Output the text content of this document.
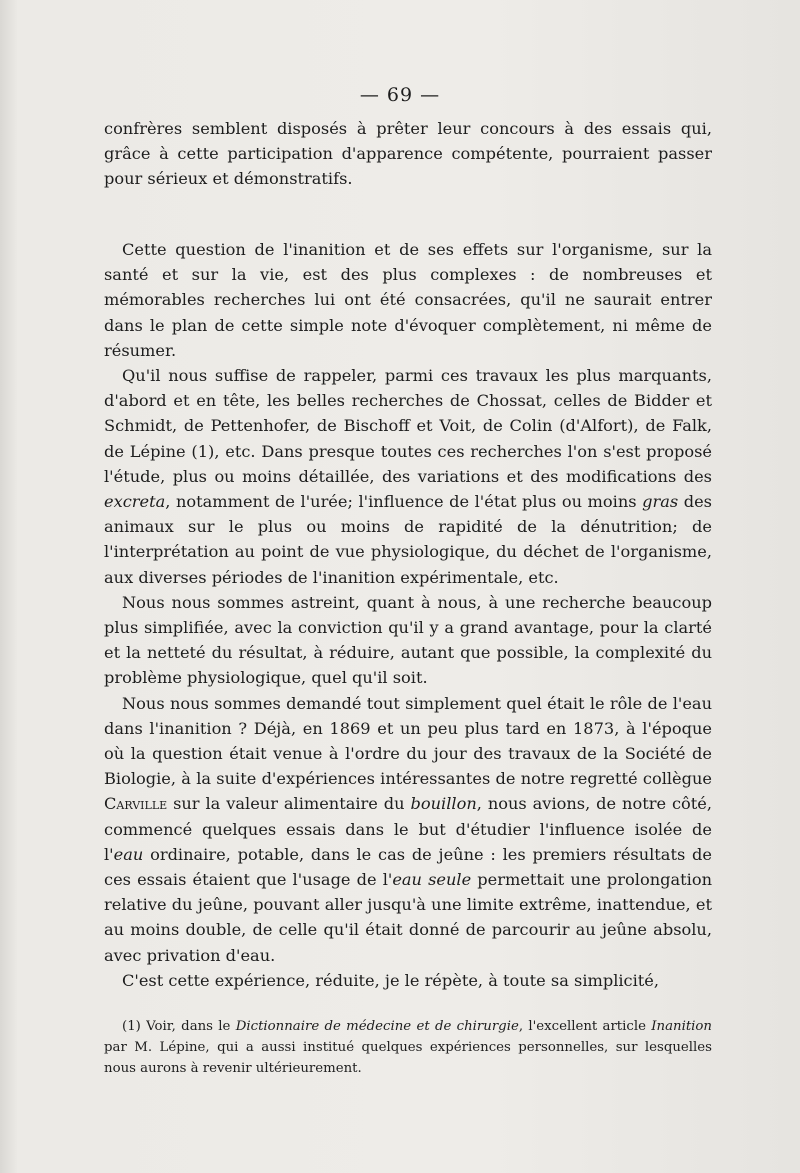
— 69 —

confrères semblent disposés à prêter leur concours à des essais qui, grâce à cette participation d'apparence compétente, pourraient passer pour sérieux et démonstratifs.

Cette question de l'inanition et de ses effets sur l'organisme, sur la santé et sur la vie, est des plus complexes : de nombreuses et mémorables recherches lui ont été consacrées, qu'il ne saurait entrer dans le plan de cette simple note d'évoquer complètement, ni même de résumer.

Qu'il nous suffise de rappeler, parmi ces travaux les plus marquants, d'abord et en tête, les belles recherches de Chossat, celles de Bidder et Schmidt, de Pettenhofer, de Bischoff et Voit, de Colin (d'Alfort), de Falk, de Lépine (1), etc. Dans presque toutes ces recherches l'on s'est proposé l'étude, plus ou moins détaillée, des variations et des modifications des excreta, notamment de l'urée; l'influence de l'état plus ou moins gras des animaux sur le plus ou moins de rapidité de la dénutrition; de l'interprétation au point de vue physiologique, du déchet de l'organisme, aux diverses périodes de l'inanition expérimentale, etc.

Nous nous sommes astreint, quant à nous, à une recherche beaucoup plus simplifiée, avec la conviction qu'il y a grand avantage, pour la clarté et la netteté du résultat, à réduire, autant que possible, la complexité du problème physiologique, quel qu'il soit.

Nous nous sommes demandé tout simplement quel était le rôle de l'eau dans l'inanition ? Déjà, en 1869 et un peu plus tard en 1873, à l'époque où la question était venue à l'ordre du jour des travaux de la Société de Biologie, à la suite d'expériences intéressantes de notre regretté collègue Carville sur la valeur alimentaire du bouillon, nous avions, de notre côté, commencé quelques essais dans le but d'étudier l'influence isolée de l'eau ordinaire, potable, dans le cas de jeûne : les premiers résultats de ces essais étaient que l'usage de l'eau seule permettait une prolongation relative du jeûne, pouvant aller jusqu'à une limite extrême, inattendue, et au moins double, de celle qu'il était donné de parcourir au jeûne absolu, avec privation d'eau.

C'est cette expérience, réduite, je le répète, à toute sa simplicité,

(1) Voir, dans le Dictionnaire de médecine et de chirurgie, l'excellent article Inanition par M. Lépine, qui a aussi institué quelques expériences personnelles, sur lesquelles nous aurons à revenir ultérieurement.
